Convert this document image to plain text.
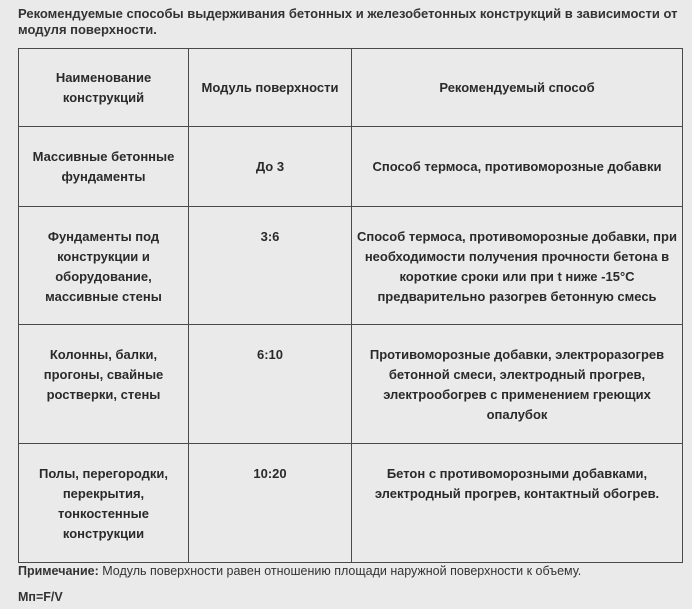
Рекомендуемые способы выдерживания бетонных и железобетонных конструкций в зависимости от модуля поверхности.

Наименование конструкций	Модуль поверхности	Рекомендуемый способ
Массивные бетонные фундаменты	До 3	Способ термоса, противоморозные добавки
Фундаменты под конструкции и оборудование, массивные стены	3:6	Способ термоса, противоморозные добавки, при необходимости получения прочности бетона в короткие сроки или при t ниже -15°С предварительно разогрев бетонную смесь
Колонны, балки, прогоны, свайные ростверки, стены	6:10	Противоморозные добавки, электроразогрев бетонной смеси, электродный прогрев, электрообогрев с применением греющих опалубок
Полы, перегородки, перекрытия, тонкостенные конструкции	10:20	Бетон с противоморозными добавками, электродный прогрев, контактный обогрев.

Примечание: Модуль поверхности равен отношению площади наружной поверхности к объему.

Мп=F/V
